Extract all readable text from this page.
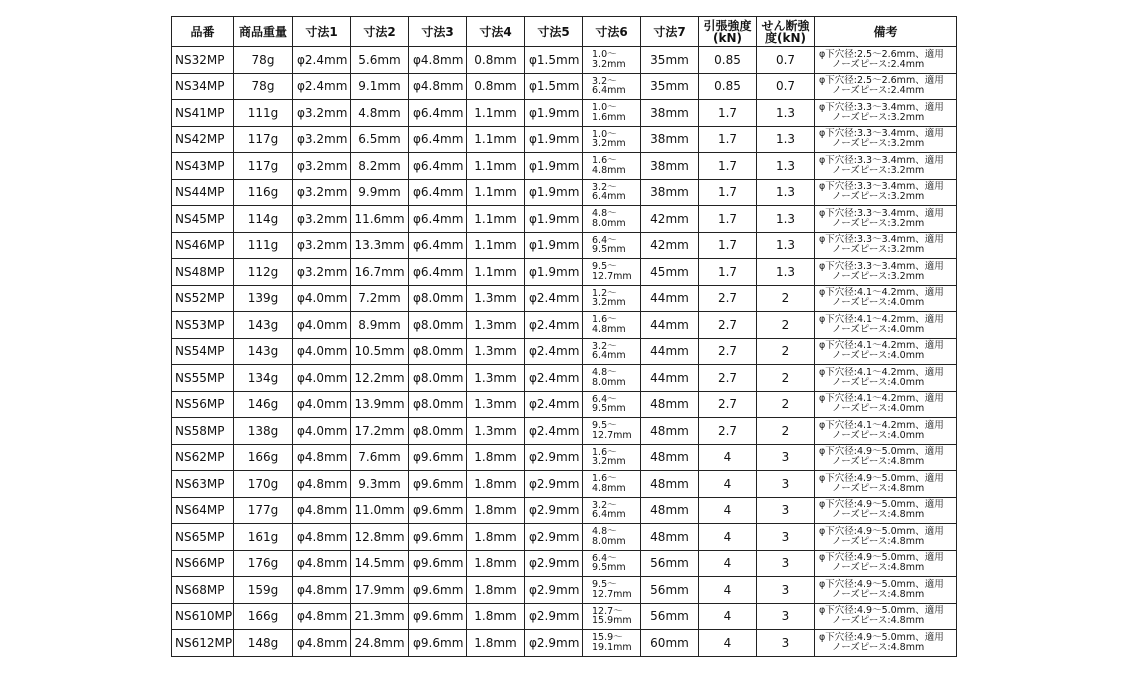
品番	商品重量	寸法1	寸法2	寸法3	寸法4	寸法5	寸法6	寸法7	引張強度
(kN)	せん断強
度(kN)	備考
NS32MP	78g	φ2.4mm	5.6mm	φ4.8mm	0.8mm	φ1.5mm	1.0～
3.2mm	35mm	0.85	0.7	φ下穴径:2.5～2.6mm、適用
ノーズピース:2.4mm

NS34MP	78g	φ2.4mm	9.1mm	φ4.8mm	0.8mm	φ1.5mm	3.2～
6.4mm	35mm	0.85	0.7	φ下穴径:2.5～2.6mm、適用
ノーズピース:2.4mm

NS41MP	111g	φ3.2mm	4.8mm	φ6.4mm	1.1mm	φ1.9mm	1.0～
1.6mm	38mm	1.7	1.3	φ下穴径:3.3～3.4mm、適用
ノーズピース:3.2mm

NS42MP	117g	φ3.2mm	6.5mm	φ6.4mm	1.1mm	φ1.9mm	1.0～
3.2mm	38mm	1.7	1.3	φ下穴径:3.3～3.4mm、適用
ノーズピース:3.2mm

NS43MP	117g	φ3.2mm	8.2mm	φ6.4mm	1.1mm	φ1.9mm	1.6～
4.8mm	38mm	1.7	1.3	φ下穴径:3.3～3.4mm、適用
ノーズピース:3.2mm

NS44MP	116g	φ3.2mm	9.9mm	φ6.4mm	1.1mm	φ1.9mm	3.2～
6.4mm	38mm	1.7	1.3	φ下穴径:3.3～3.4mm、適用
ノーズピース:3.2mm

NS45MP	114g	φ3.2mm	11.6mm	φ6.4mm	1.1mm	φ1.9mm	4.8～
8.0mm	42mm	1.7	1.3	φ下穴径:3.3～3.4mm、適用
ノーズピース:3.2mm

NS46MP	111g	φ3.2mm	13.3mm	φ6.4mm	1.1mm	φ1.9mm	6.4～
9.5mm	42mm	1.7	1.3	φ下穴径:3.3～3.4mm、適用
ノーズピース:3.2mm

NS48MP	112g	φ3.2mm	16.7mm	φ6.4mm	1.1mm	φ1.9mm	9.5～
12.7mm	45mm	1.7	1.3	φ下穴径:3.3～3.4mm、適用
ノーズピース:3.2mm

NS52MP	139g	φ4.0mm	7.2mm	φ8.0mm	1.3mm	φ2.4mm	1.2～
3.2mm	44mm	2.7	2	φ下穴径:4.1～4.2mm、適用
ノーズピース:4.0mm

NS53MP	143g	φ4.0mm	8.9mm	φ8.0mm	1.3mm	φ2.4mm	1.6～
4.8mm	44mm	2.7	2	φ下穴径:4.1～4.2mm、適用
ノーズピース:4.0mm

NS54MP	143g	φ4.0mm	10.5mm	φ8.0mm	1.3mm	φ2.4mm	3.2～
6.4mm	44mm	2.7	2	φ下穴径:4.1～4.2mm、適用
ノーズピース:4.0mm

NS55MP	134g	φ4.0mm	12.2mm	φ8.0mm	1.3mm	φ2.4mm	4.8～
8.0mm	44mm	2.7	2	φ下穴径:4.1～4.2mm、適用
ノーズピース:4.0mm

NS56MP	146g	φ4.0mm	13.9mm	φ8.0mm	1.3mm	φ2.4mm	6.4～
9.5mm	48mm	2.7	2	φ下穴径:4.1～4.2mm、適用
ノーズピース:4.0mm

NS58MP	138g	φ4.0mm	17.2mm	φ8.0mm	1.3mm	φ2.4mm	9.5～
12.7mm	48mm	2.7	2	φ下穴径:4.1～4.2mm、適用
ノーズピース:4.0mm

NS62MP	166g	φ4.8mm	7.6mm	φ9.6mm	1.8mm	φ2.9mm	1.6～
3.2mm	48mm	4	3	φ下穴径:4.9～5.0mm、適用
ノーズピース:4.8mm

NS63MP	170g	φ4.8mm	9.3mm	φ9.6mm	1.8mm	φ2.9mm	1.6～
4.8mm	48mm	4	3	φ下穴径:4.9～5.0mm、適用
ノーズピース:4.8mm

NS64MP	177g	φ4.8mm	11.0mm	φ9.6mm	1.8mm	φ2.9mm	3.2～
6.4mm	48mm	4	3	φ下穴径:4.9～5.0mm、適用
ノーズピース:4.8mm

NS65MP	161g	φ4.8mm	12.8mm	φ9.6mm	1.8mm	φ2.9mm	4.8～
8.0mm	48mm	4	3	φ下穴径:4.9～5.0mm、適用
ノーズピース:4.8mm

NS66MP	176g	φ4.8mm	14.5mm	φ9.6mm	1.8mm	φ2.9mm	6.4～
9.5mm	56mm	4	3	φ下穴径:4.9～5.0mm、適用
ノーズピース:4.8mm

NS68MP	159g	φ4.8mm	17.9mm	φ9.6mm	1.8mm	φ2.9mm	9.5～
12.7mm	56mm	4	3	φ下穴径:4.9～5.0mm、適用
ノーズピース:4.8mm

NS610MP	166g	φ4.8mm	21.3mm	φ9.6mm	1.8mm	φ2.9mm	12.7～
15.9mm	56mm	4	3	φ下穴径:4.9～5.0mm、適用
ノーズピース:4.8mm

NS612MP	148g	φ4.8mm	24.8mm	φ9.6mm	1.8mm	φ2.9mm	15.9～
19.1mm	60mm	4	3	φ下穴径:4.9～5.0mm、適用
ノーズピース:4.8mm
